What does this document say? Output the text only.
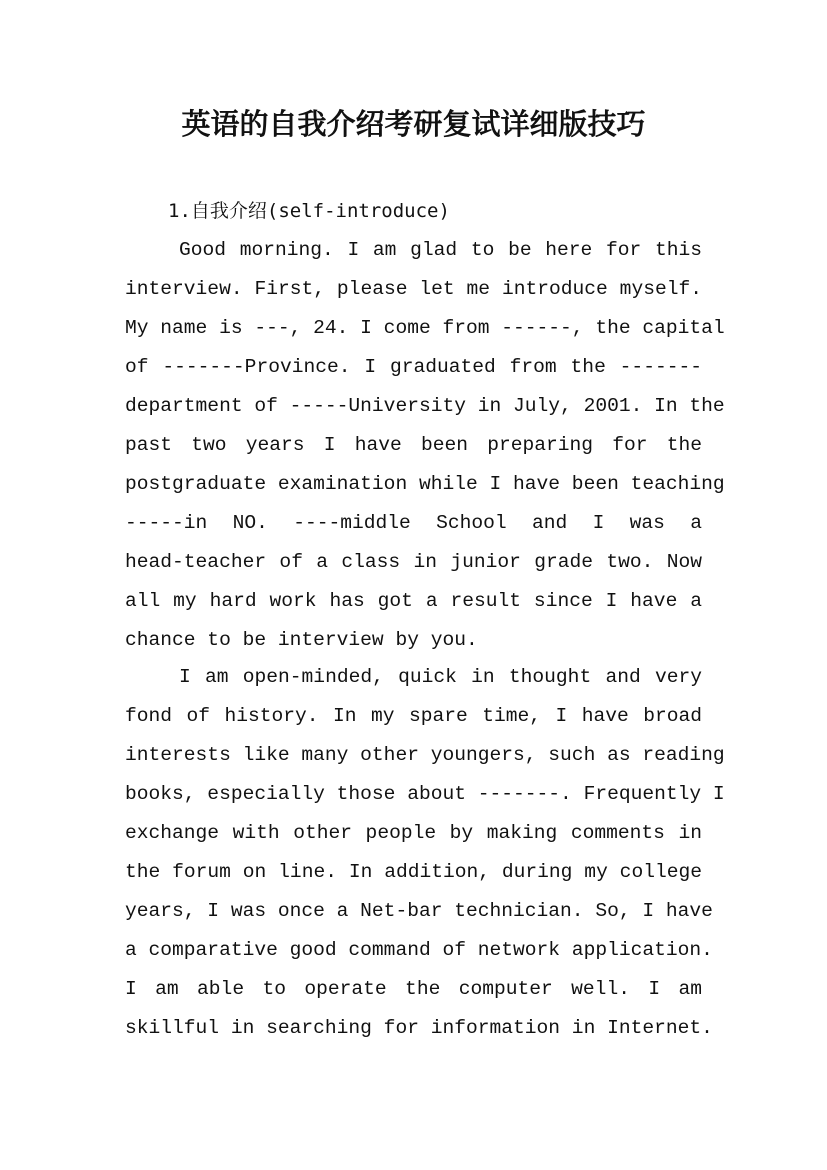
英语的自我介绍考研复试详细版技巧
1.自我介绍(self-introduce)
Good morning. I am glad to be here for this
interview. First, please let me introduce myself.
My name is ---, 24. I come from ------, the capital
of -------Province. I graduated from the -------
department of -----University in July, 2001. In the
past two years I have been preparing for the
postgraduate examination while I have been teaching
-----in NO. ----middle School and I was a
head-teacher of a class in junior grade two. Now
all my hard work has got a result since I have a
chance to be interview by you.
I am open-minded, quick in thought and very
fond of history. In my spare time, I have broad
interests like many other youngers, such as reading
books, especially those about -------. Frequently I
exchange with other people by making comments in
the forum on line. In addition, during my college
years, I was once a Net-bar technician. So, I have
a comparative good command of network application.
I am able to operate the computer well. I am
skillful in searching for information in Internet.
